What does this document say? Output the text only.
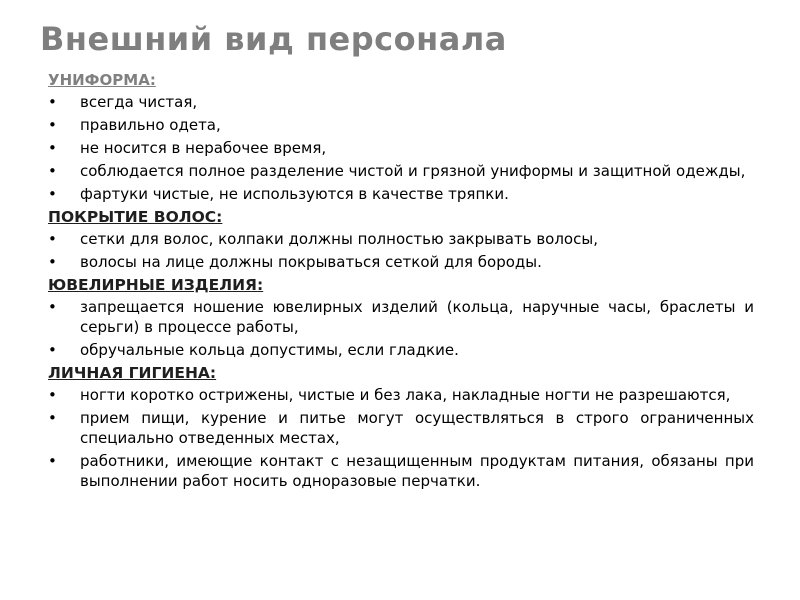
Внешний вид персонала
УНИФОРМА:
• всегда чистая,
• правильно одета,
• не носится в нерабочее время,
• соблюдается полное разделение чистой и грязной униформы и защитной одежды,
• фартуки чистые, не используются в качестве тряпки.
ПОКРЫТИЕ ВОЛОС:
• сетки для волос, колпаки должны полностью закрывать волосы,
• волосы на лице должны покрываться сеткой для бороды.
ЮВЕЛИРНЫЕ ИЗДЕЛИЯ:
• запрещается ношение ювелирных изделий (кольца, наручные часы, браслеты и серьги) в процессе работы,
• обручальные кольца допустимы, если гладкие.
ЛИЧНАЯ ГИГИЕНА:
• ногти коротко острижены, чистые и без лака, накладные ногти не разрешаются,
• прием пищи, курение и питье могут осуществляться в строго ограниченных специально отведенных местах,
• работники, имеющие контакт с незащищенным продуктам питания, обязаны при выполнении работ носить одноразовые перчатки.
